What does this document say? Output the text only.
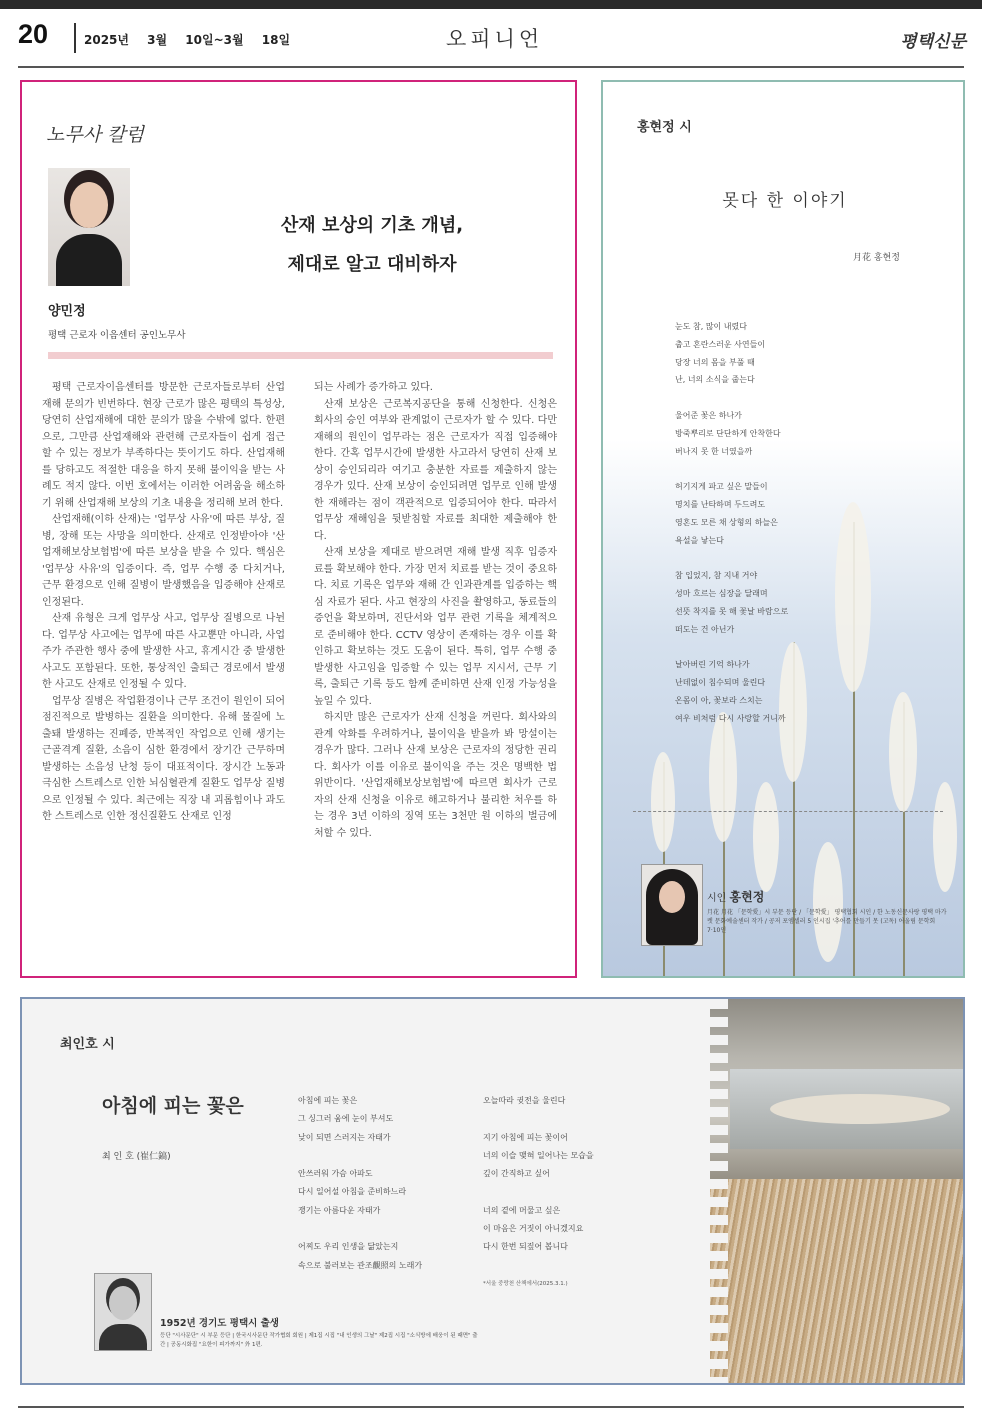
20	2025년 3월 10일~3월 18일	오피니언	평택신문
노무사 칼럼
산재 보상의 기초 개념,
제대로 알고 대비하자
양민정
평택 근로자 이음센터 공인노무사

평택 근로자이음센터를 방문한 근로자들로부터 산업재해 문의가 빈번하다. 현장 근로가 많은 평택의 특성상, 당연히 산업재해에 대한 문의가 많을 수밖에 없다. 한편으로, 그만큼 산업재해와 관련해 근로자들이 쉽게 접근할 수 있는 정보가 부족하다는 뜻이기도 하다. 산업재해를 당하고도 적절한 대응을 하지 못해 불이익을 받는 사례도 적지 않다. 이번 호에서는 이러한 어려움을 해소하기 위해 산업재해 보상의 기초 내용을 정리해 보려 한다.

산업재해(이하 산재)는 '업무상 사유'에 따른 부상, 질병, 장해 또는 사망을 의미한다. 산재로 인정받아야 '산업재해보상보험법'에 따른 보상을 받을 수 있다. 핵심은 '업무상 사유'의 입증이다. 즉, 업무 수행 중 다치거나, 근무 환경으로 인해 질병이 발생했음을 입증해야 산재로 인정된다.

산재 유형은 크게 업무상 사고, 업무상 질병으로 나뉜다. 업무상 사고에는 업무에 따른 사고뿐만 아니라, 사업주가 주관한 행사 중에 발생한 사고, 휴게시간 중 발생한 사고도 포함된다. 또한, 통상적인 출퇴근 경로에서 발생한 사고도 산재로 인정될 수 있다.

업무상 질병은 작업환경이나 근무 조건이 원인이 되어 점진적으로 발병하는 질환을 의미한다. 유해 물질에 노출돼 발생하는 진폐증, 반복적인 작업으로 인해 생기는 근골격계 질환, 소음이 심한 환경에서 장기간 근무하며 발생하는 소음성 난청 등이 대표적이다. 장시간 노동과 극심한 스트레스로 인한 뇌심혈관계 질환도 업무상 질병으로 인정될 수 있다. 최근에는 직장 내 괴롭힘이나 과도한 스트레스로 인한 정신질환도 산재로 인정

되는 사례가 증가하고 있다.

산재 보상은 근로복지공단을 통해 신청한다. 신청은 회사의 승인 여부와 관계없이 근로자가 할 수 있다. 다만 재해의 원인이 업무라는 점은 근로자가 직접 입증해야 한다. 간혹 업무시간에 발생한 사고라서 당연히 산재 보상이 승인되리라 여기고 충분한 자료를 제출하지 않는 경우가 있다. 산재 보상이 승인되려면 업무로 인해 발생한 재해라는 점이 객관적으로 입증되어야 한다. 따라서 업무상 재해임을 뒷받침할 자료를 최대한 제출해야 한다.

산재 보상을 제대로 받으려면 재해 발생 직후 입증자료를 확보해야 한다. 가장 먼저 치료를 받는 것이 중요하다. 치료 기록은 업무와 재해 간 인과관계를 입증하는 핵심 자료가 된다. 사고 현장의 사진을 촬영하고, 동료들의 증언을 확보하며, 진단서와 업무 관련 기록을 체계적으로 준비해야 한다. CCTV 영상이 존재하는 경우 이를 확인하고 확보하는 것도 도움이 된다. 특히, 업무 수행 중 발생한 사고임을 입증할 수 있는 업무 지시서, 근무 기록, 출퇴근 기록 등도 함께 준비하면 산재 인정 가능성을 높일 수 있다.

하지만 많은 근로자가 산재 신청을 꺼린다. 회사와의 관계 악화를 우려하거나, 불이익을 받을까 봐 망설이는 경우가 많다. 그러나 산재 보상은 근로자의 정당한 권리다. 회사가 이를 이유로 불이익을 주는 것은 명백한 법 위반이다. '산업재해보상보험법'에 따르면 회사가 근로자의 산재 신청을 이유로 해고하거나 불리한 처우를 하는 경우 3년 이하의 징역 또는 3천만 원 이하의 벌금에 처할 수 있다.

홍현정 시
못다 한 이야기
月花 홍현정
눈도 참, 많이 내렸다
춥고 혼란스러운 사연들이
당장 너의 몸을 부풀 때
난, 너의 소식을 줍는다
울어준 꽃은 하나가
방죽뿌리로 단단하게 안착한다
버나지 못 한 너였을까
허기지게 파고 싶은 말들이
명치를 난타하며 두드려도
영혼도 모른 채 상형의 하늘은
욕설을 낳는다
참 입었지, 참 지내 거야
성마 흐르는 심장을 달래며
선뜻 착지를 못 해 꽃날 바람으로
떠도는 건 아닌가
날아버린 기억 하나가
난데없이 침수되며 울린다
온몸이 아, 꽃보라 스치는
여우 비처럼 다시 사랑할 거니까
시인 홍현정
月花 月花 「문학愛」시 부문 등단 / 「문학愛」 평택협회 시인 / 한 노동신문사랑 평택 마가렛 문화예술센터 작가 / 공저 포엠셀러 5 인시집 '추어를 만들기 못 (고독) 어울림 문학회 7·10인
최인호 시
아침에 피는 꽃은
최 인 호 (崔仁鎬)
아침에 피는 꽃은
그 싱그러 움에 눈이 부셔도
낮이 되면 스러지는 자태가
안쓰러워 가슴 아파도
다시 일어설 아침을 준비하느라
쟁기는 아름다운 자태가
어찌도 우리 인생을 닮았는지
속으로 불러보는 관조觀照의 노래가
오늘따라 귓전을 울린다
지기 아침에 피는 꽃이어
너의 이슬 맺혀 일어나는 모습을
깊이 간직하고 싶어
너의 곁에 머물고 싶은
이 마음은 거짓이 아니겠지요
다시 한번 되짚어 봅니다
*서울 중랑천 산책에서(2025.3.1.)
1952년 경기도 평택시 출생
등단 "시사문단" 시 부문 등단 | 한국시사문단 작가협회 회원 | 제1집 시집 "내 인생의 그날" 제2집 시집 "소식방에 배웅이 된 때면" 출간 | 공동시화집 "요한이 피가까지" 外 1편.
